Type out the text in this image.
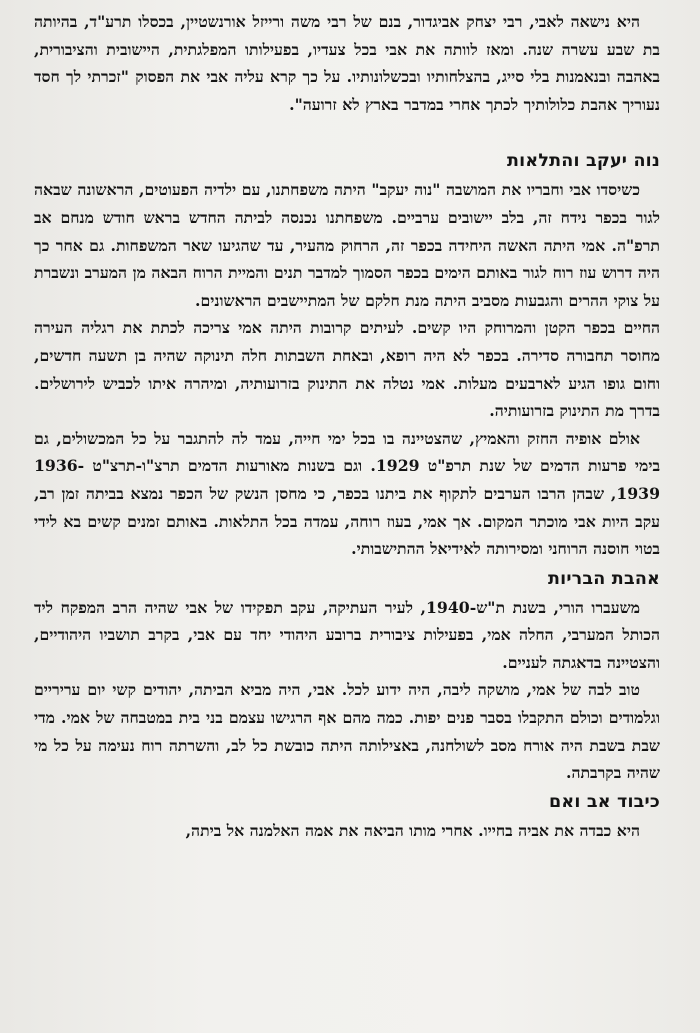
היא נישאה לאבי, רבי יצחק אביגדור, בנם של רבי משה ורייזל אורנשטיין, בכסלו תרע"ד, בהיותה בת שבע עשרה שנה. ומאז לוותה את אבי בכל צעדיו, בפעילותו המפלגתית, היישובית והציבורית, באהבה ובנאמנות בלי סייג, בהצלחותיו ובכשלונותיו. על כך קרא עליה אבי את הפסוק "זכרתי לך חסד נעוריך אהבת כלולותיך לכתך אחרי במדבר בארץ לא זרועה".

נוה יעקב והתלאות

כשיסדו אבי וחבריו את המושבה "נוה יעקב" היתה משפחתנו, עם ילדיה הפעוטים, הראשונה שבאה לגור בכפר נידח זה, בלב יישובים ערביים. משפחתנו נכנסה לביתה החדש בראש חודש מנחם אב תרפ"ה. אמי היתה האשה היחידה בכפר זה, הרחוק מהעיר, עד שהגיעו שאר המשפחות. גם אחר כך היה דרוש עוז רוח לגור באותם הימים בכפר הסמוך למדבר תנים והמיית הרוח הבאה מן המערב ונשברת על צוקי ההרים והגבעות מסביב היתה מנת חלקם של המתיישבים הראשונים.

החיים בכפר הקטן והמרוחק היו קשים. לעיתים קרובות היתה אמי צריכה לכתת את רגליה העירה מחוסר תחבורה סדירה. בכפר לא היה רופא, ובאחת השבתות חלה תינוקה שהיה בן תשעה חדשים, וחום גופו הגיע לארבעים מעלות. אמי נטלה את התינוק בזרועותיה, ומיהרה איתו לכביש לירושלים. בדרך מת התינוק בזרועותיה.

אולם אופיה החזק והאמיץ, שהצטיינה בו בכל ימי חייה, עמד לה להתגבר על כל המכשולים, גם בימי פרעות הדמים של שנת תרפ"ט 1929. וגם בשנות מאורעות הדמים תרצ"ו-תרצ"ט 1936-1939, שבהן הרבו הערבים לתקוף את ביתנו בכפר, כי מחסן הנשק של הכפר נמצא בביתה זמן רב, עקב היות אבי מוכתר המקום. אך אמי, בעוז רוחה, עמדה בכל התלאות. באותם זמנים קשים בא לידי בטוי חוסנה הרוחני ומסירותה לאידיאל ההתישבותי.

אהבת הבריות

משעברו הורי, בשנת ת"ש-1940, לעיר העתיקה, עקב תפקידו של אבי שהיה הרב המפקח ליד הכותל המערבי, החלה אמי, בפעילות ציבורית ברובע היהודי יחד עם אבי, בקרב תושביו היהודיים, והצטיינה בדאגתה לעניים.

טוב לבה של אמי, מושקה ליבה, היה ידוע לכל. אבי, היה מביא הביתה, יהודים קשי יום עריריים וגלמודים וכולם התקבלו בסבר פנים יפות. כמה מהם אף הרגישו עצמם בני בית במטבחה של אמי. מדי שבת בשבת היה אורח מסב לשולחנה, באצילותה היתה כובשת כל לב, והשרתה רוח נעימה על כל מי שהיה בקרבתה.

כיבוד אב ואם

היא כבדה את אביה בחייו. אחרי מותו הביאה את אמה האלמנה אל ביתה,
